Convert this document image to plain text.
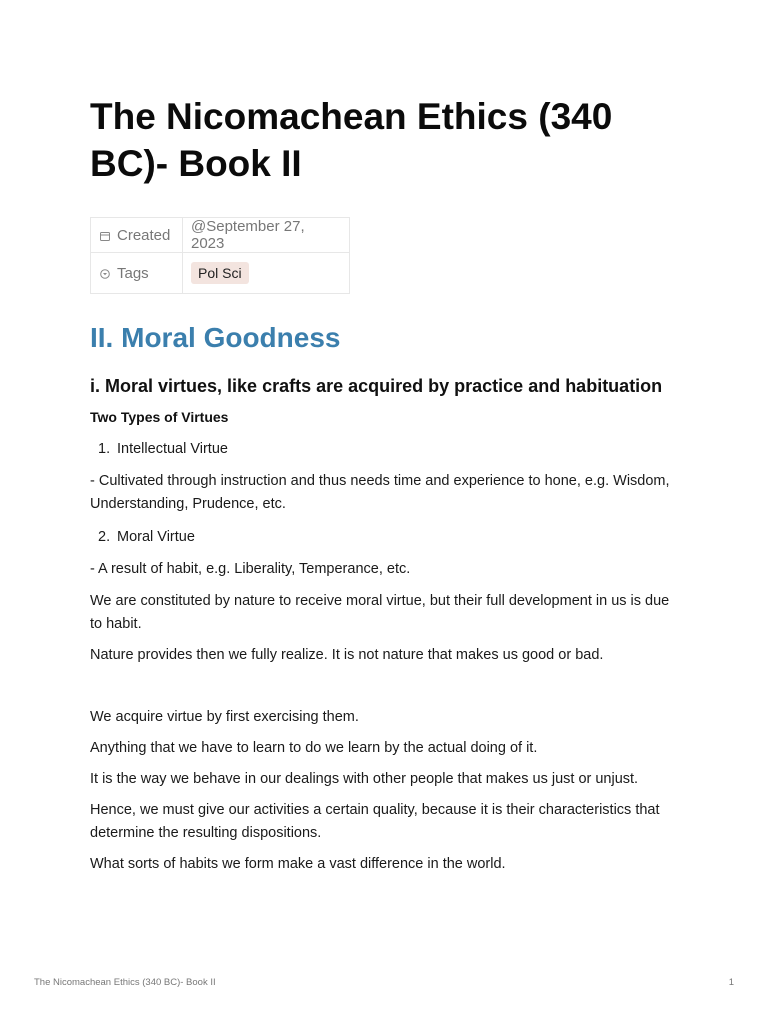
The Nicomachean Ethics (340 BC)- Book II
Created	@September 27, 2023
Tags	Pol Sci
II. Moral Goodness
i. Moral virtues, like crafts are acquired by practice and habituation
Two Types of Virtues
1. Intellectual Virtue

- Cultivated through instruction and thus needs time and experience to hone, e.g. Wisdom, Understanding, Prudence, etc.

2. Moral Virtue

- A result of habit, e.g. Liberality, Temperance, etc.

We are constituted by nature to receive moral virtue, but their full development in us is due to habit.

Nature provides then we fully realize. It is not nature that makes us good or bad.

We acquire virtue by first exercising them.

Anything that we have to learn to do we learn by the actual doing of it.

It is the way we behave in our dealings with other people that makes us just or unjust.

Hence, we must give our activities a certain quality, because it is their characteristics that determine the resulting dispositions.

What sorts of habits we form make a vast difference in the world.

The Nicomachean Ethics (340 BC)- Book II	1
